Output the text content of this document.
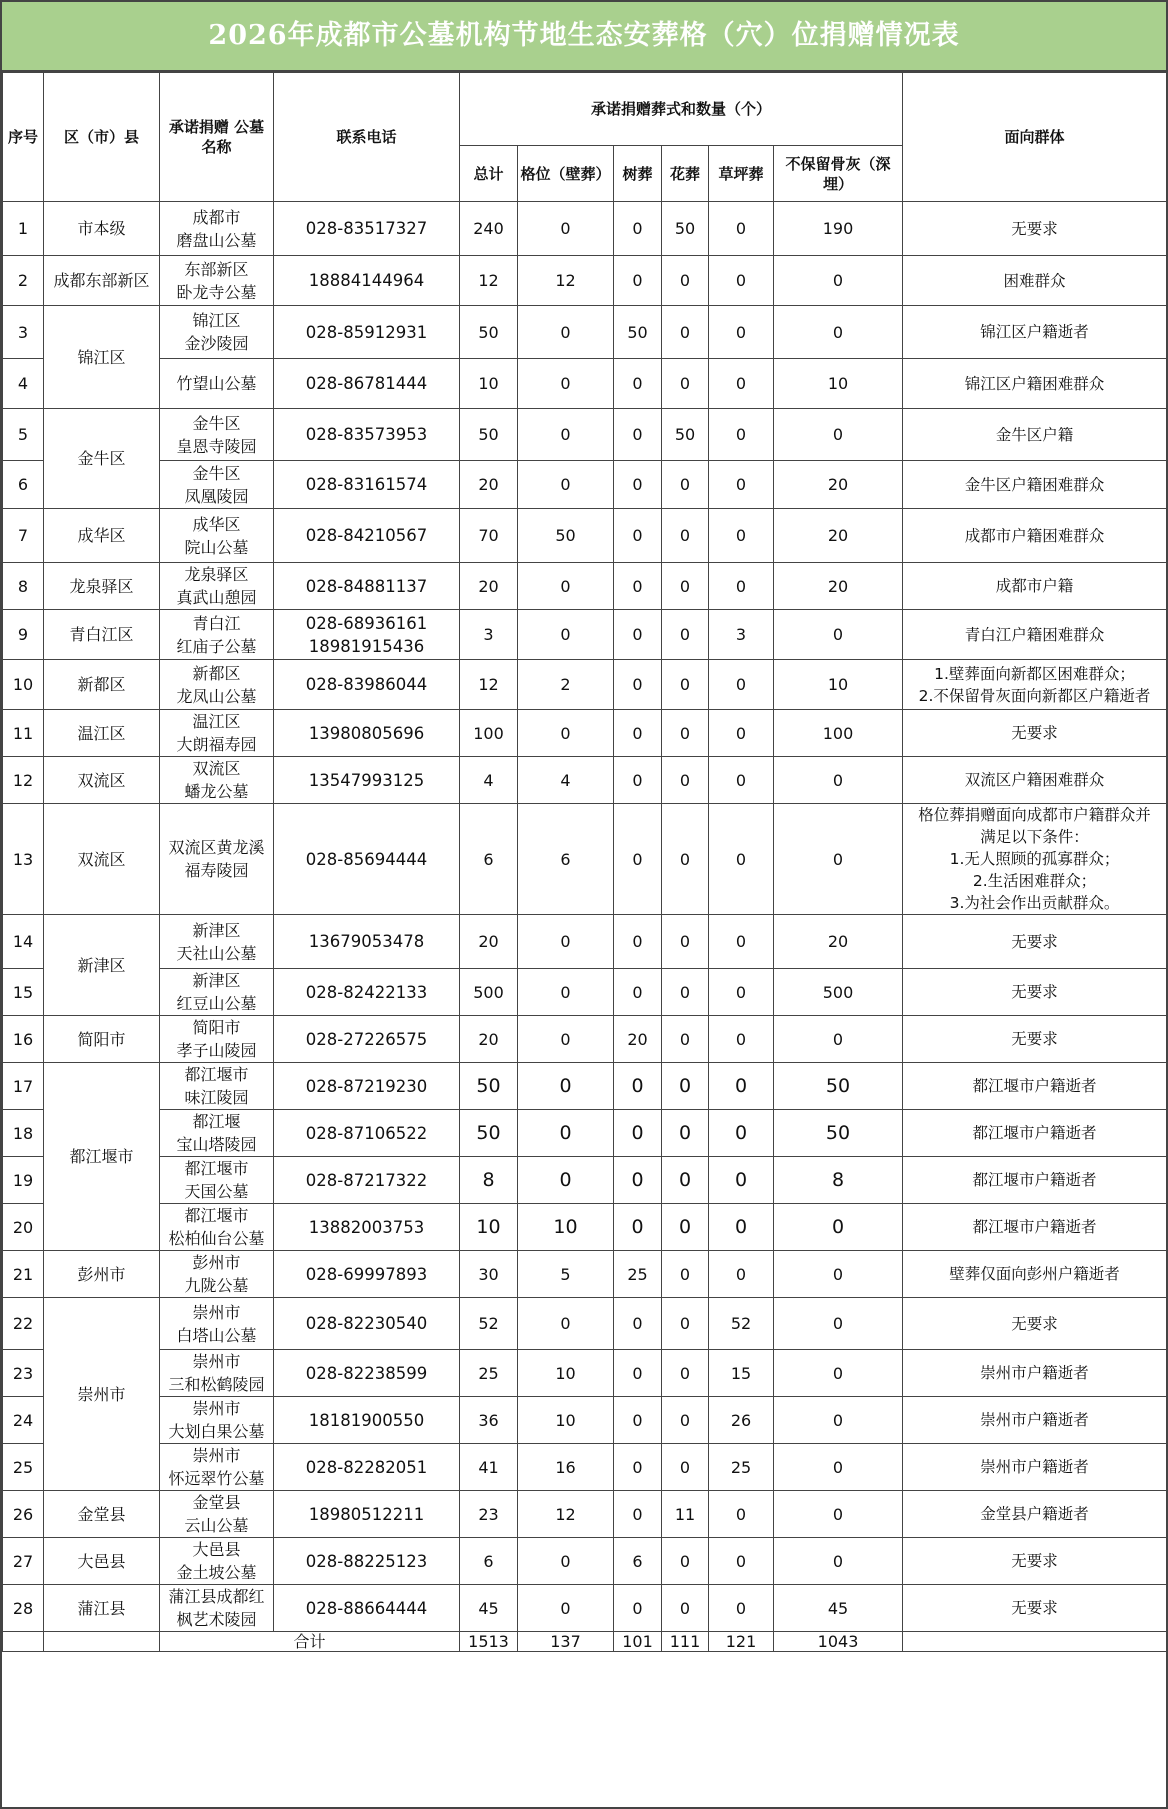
2026年成都市公墓机构节地生态安葬格（穴）位捐赠情况表
序号	区（市）县	承诺捐赠 公墓名称	联系电话	承诺捐赠葬式和数量（个）						面向群体
				总计	格位（壁葬）	树葬	花葬	草坪葬	不保留骨灰（深埋）	
1	市本级	成都市
磨盘山公墓	028-83517327	240	0	0	50	0	190	无要求

2	成都东部新区	东部新区
卧龙寺公墓	18884144964	12	12	0	0	0	0	困难群众

3	锦江区	锦江区
金沙陵园	028-85912931	50	0	50	0	0	0	锦江区户籍逝者

4		竹望山公墓	028-86781444	10	0	0	0	0	10	锦江区户籍困难群众

5	金牛区	金牛区
皇恩寺陵园	028-83573953	50	0	0	50	0	0	金牛区户籍

6		金牛区
凤凰陵园	028-83161574	20	0	0	0	0	20	金牛区户籍困难群众

7	成华区	成华区
院山公墓	028-84210567	70	50	0	0	0	20	成都市户籍困难群众

8	龙泉驿区	龙泉驿区
真武山憩园	028-84881137	20	0	0	0	0	20	成都市户籍

9	青白江区	青白江
红庙子公墓	028-68936161
18981915436	3	0	0	0	3	0	青白江户籍困难群众

10	新都区	新都区
龙凤山公墓	028-83986044	12	2	0	0	0	10	1.壁葬面向新都区困难群众；
2.不保留骨灰面向新都区户籍逝者

11	温江区	温江区
大朗福寿园	13980805696	100	0	0	0	0	100	无要求

12	双流区	双流区
蟠龙公墓	13547993125	4	4	0	0	0	0	双流区户籍困难群众

13	双流区	双流区黄龙溪
福寿陵园	028-85694444	6	6	0	0	0	0	格位葬捐赠面向成都市户籍群众并
满足以下条件：
1.无人照顾的孤寡群众；
2.生活困难群众；
3.为社会作出贡献群众。

14	新津区	新津区
天社山公墓	13679053478	20	0	0	0	0	20	无要求

15		新津区
红豆山公墓	028-82422133	500	0	0	0	0	500	无要求

16	简阳市	简阳市
孝子山陵园	028-27226575	20	0	20	0	0	0	无要求

17	都江堰市	都江堰市
味江陵园	028-87219230	50	0	0	0	0	50	都江堰市户籍逝者

18		都江堰
宝山塔陵园	028-87106522	50	0	0	0	0	50	都江堰市户籍逝者

19		都江堰市
天国公墓	028-87217322	8	0	0	0	0	8	都江堰市户籍逝者

20		都江堰市
松柏仙台公墓	13882003753	10	10	0	0	0	0	都江堰市户籍逝者

21	彭州市	彭州市
九陇公墓	028-69997893	30	5	25	0	0	0	壁葬仅面向彭州户籍逝者

22	崇州市	崇州市
白塔山公墓	028-82230540	52	0	0	0	52	0	无要求

23		崇州市
三和松鹤陵园	028-82238599	25	10	0	0	15	0	崇州市户籍逝者

24		崇州市
大划白果公墓	18181900550	36	10	0	0	26	0	崇州市户籍逝者

25		崇州市
怀远翠竹公墓	028-82282051	41	16	0	0	25	0	崇州市户籍逝者

26	金堂县	金堂县
云山公墓	18980512211	23	12	0	11	0	0	金堂县户籍逝者

27	大邑县	大邑县
金土坡公墓	028-88225123	6	0	6	0	0	0	无要求

28	蒲江县	蒲江县成都红
枫艺术陵园	028-88664444	45	0	0	0	0	45	无要求

		合计		1513	137	101	111	121	1043	
